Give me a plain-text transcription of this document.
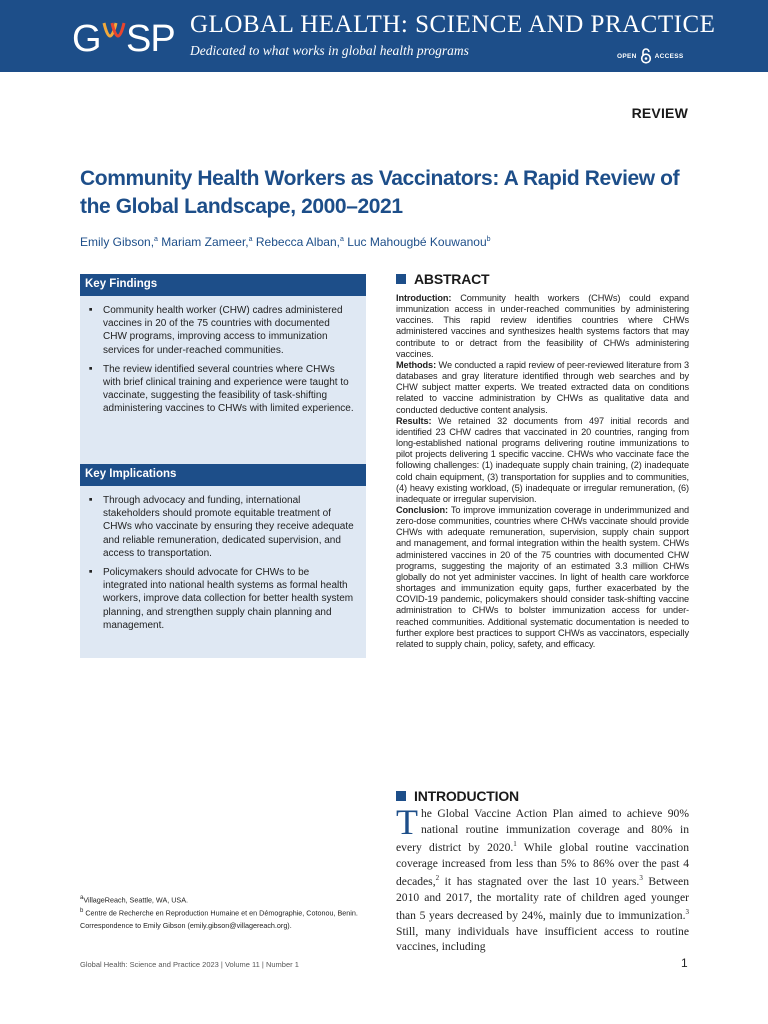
G SP GLOBAL HEALTH: SCIENCE AND PRACTICE
Dedicated to what works in global health programs	OPEN	ACCESS
REVIEW
Community Health Workers as Vaccinators: A Rapid Review of the Global Landscape, 2000–2021
Emily Gibson,$^a$ Mariam Zameer,$^a$ Rebecca Alban,$^a$ Luc Mahougbé Kouwanou$^b$
Key Findings
■ Community health worker (CHW) cadres administered vaccines in 20 of the 75 countries with documented CHW programs, improving access to immunization services for under-reached communities.
■ The review identified several countries where CHWs with brief clinical training and experience were taught to vaccinate, suggesting the feasibility of task-shifting administering vaccines to CHWs with limited experience.
Key Implications
■ Through advocacy and funding, international stakeholders should promote equitable treatment of CHWs who vaccinate by ensuring they receive adequate and reliable remuneration, dedicated supervision, and access to transportation.
■ Policymakers should advocate for CHWs to be integrated into national health systems as formal health workers, improve data collection for better health system planning, and strengthen supply chain planning and management.
ABSTRACT

Introduction: Community health workers (CHWs) could expand immunization access in under-reached communities by administering vaccines. This rapid review identifies countries where CHWs administered vaccines and synthesizes health systems factors that may contribute to or detract from the feasibility of CHWs administering vaccines.

Methods: We conducted a rapid review of peer-reviewed literature from 3 databases and gray literature identified through web searches and by CHW subject matter experts. We treated extracted data on conditions related to vaccine administration by CHWs as qualitative data and conducted deductive content analysis.

Results: We retained 32 documents from 497 initial records and identified 23 CHW cadres that vaccinated in 20 countries, ranging from long-established national programs delivering routine immunizations to pilot projects delivering 1 specific vaccine. CHWs who vaccinate face the following challenges: (1) inadequate supply chain training, (2) inadequate cold chain equipment, (3) transportation for supplies and to communities, (4) heavy existing workload, (5) inadequate or irregular remuneration, (6) inadequate or irregular supervision.

Conclusion: To improve immunization coverage in underimmunized and zero-dose communities, countries where CHWs vaccinate should provide CHWs with adequate remuneration, supervision, supply chain support and management, and formal integration within the health system. CHWs administered vaccines in 20 of the 75 countries with documented CHW programs, suggesting the majority of an estimated 3.3 million CHWs globally do not yet administer vaccines. In light of health care workforce shortages and immunization equity gaps, further exacerbated by the COVID-19 pandemic, policymakers should consider task-shifting vaccine administration to CHWs to bolster immunization access for under-reached communities. Additional systematic documentation is needed to further explore best practices to support CHWs as vaccinators, especially related to supply chain, policy, safety, and efficacy.

INTRODUCTION
The Global Vaccine Action Plan aimed to achieve 90% national routine immunization coverage and 80% in every district by 2020.$^1$ While global routine vaccination coverage increased from less than 5% to 86% over the past 4 decades,$^2$ it has stagnated over the last 10 years.$^3$ Between 2010 and 2017, the mortality rate of children aged younger than 5 years decreased by 24%, mainly due to immunization.$^3$ Still, many individuals have insufficient access to routine vaccines, including

$^a$VillageReach, Seattle, WA, USA.

$^b$ Centre de Recherche en Reproduction Humaine et en Démographie, Cotonou, Benin.

Correspondence to Emily Gibson (emily.gibson@villagereach.org).

Global Health: Science and Practice 2023 | Volume 11 | Number 1	1
